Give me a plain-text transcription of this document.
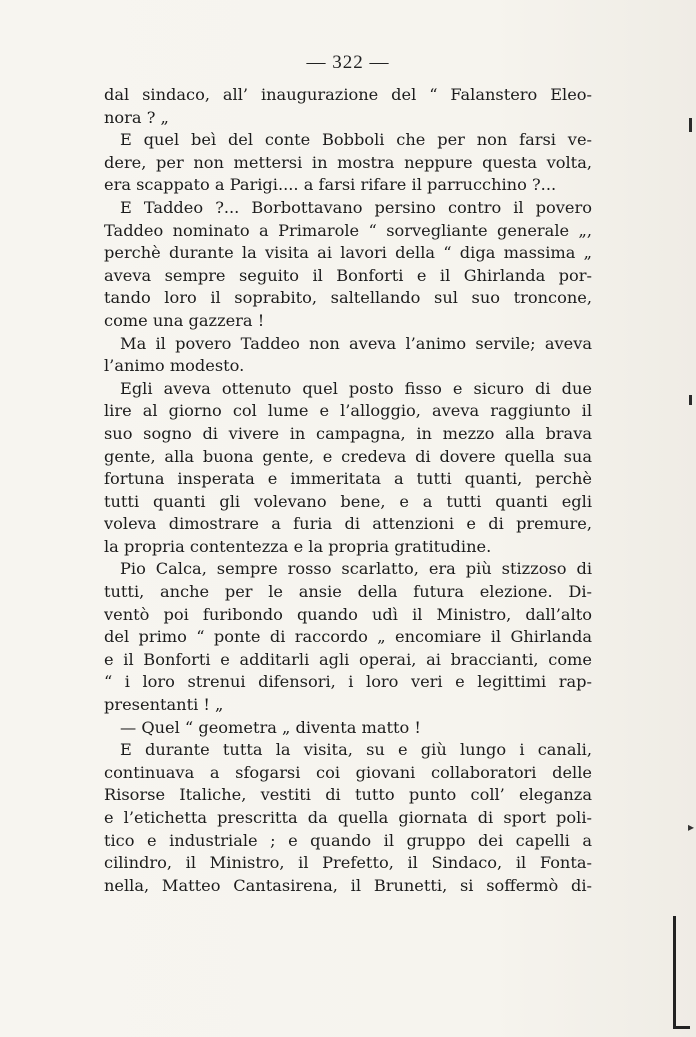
— 322 —
dal sindaco, all’ inaugurazione del “ Falanstero Eleo-
nora ? „
E quel beì del conte Bobboli che per non farsi ve-
dere, per non mettersi in mostra neppure questa volta,
era scappato a Parigi.... a farsi rifare il parrucchino ?...
E Taddeo ?... Borbottavano persino contro il povero
Taddeo nominato a Primarole “ sorvegliante generale „,
perchè durante la visita ai lavori della “ diga massima „
aveva sempre seguito il Bonforti e il Ghirlanda por-
tando loro il soprabito, saltellando sul suo troncone,
come una gazzera !
Ma il povero Taddeo non aveva l’animo servile; aveva
l’animo modesto.
Egli aveva ottenuto quel posto fisso e sicuro di due
lire al giorno col lume e l’alloggio, aveva raggiunto il
suo sogno di vivere in campagna, in mezzo alla brava
gente, alla buona gente, e credeva di dovere quella sua
fortuna insperata e immeritata a tutti quanti, perchè
tutti quanti gli volevano bene, e a tutti quanti egli
voleva dimostrare a furia di attenzioni e di premure,
la propria contentezza e la propria gratitudine.
Pio Calca, sempre rosso scarlatto, era più stizzoso di
tutti, anche per le ansie della futura elezione. Di-
ventò poi furibondo quando udì il Ministro, dall’alto
del primo “ ponte di raccordo „ encomiare il Ghirlanda
e il Bonforti e additarli agli operai, ai braccianti, come
“ i loro strenui difensori, i loro veri e legittimi rap-
presentanti ! „
— Quel “ geometra „ diventa matto !
E durante tutta la visita, su e giù lungo i canali,
continuava a sfogarsi coi giovani collaboratori delle
Risorse Italiche, vestiti di tutto punto coll’ eleganza
e l’etichetta prescritta da quella giornata di sport poli-
tico e industriale ; e quando il gruppo dei capelli a
cilindro, il Ministro, il Prefetto, il Sindaco, il Fonta-
nella, Matteo Cantasirena, il Brunetti, si soffermò di-
▸
